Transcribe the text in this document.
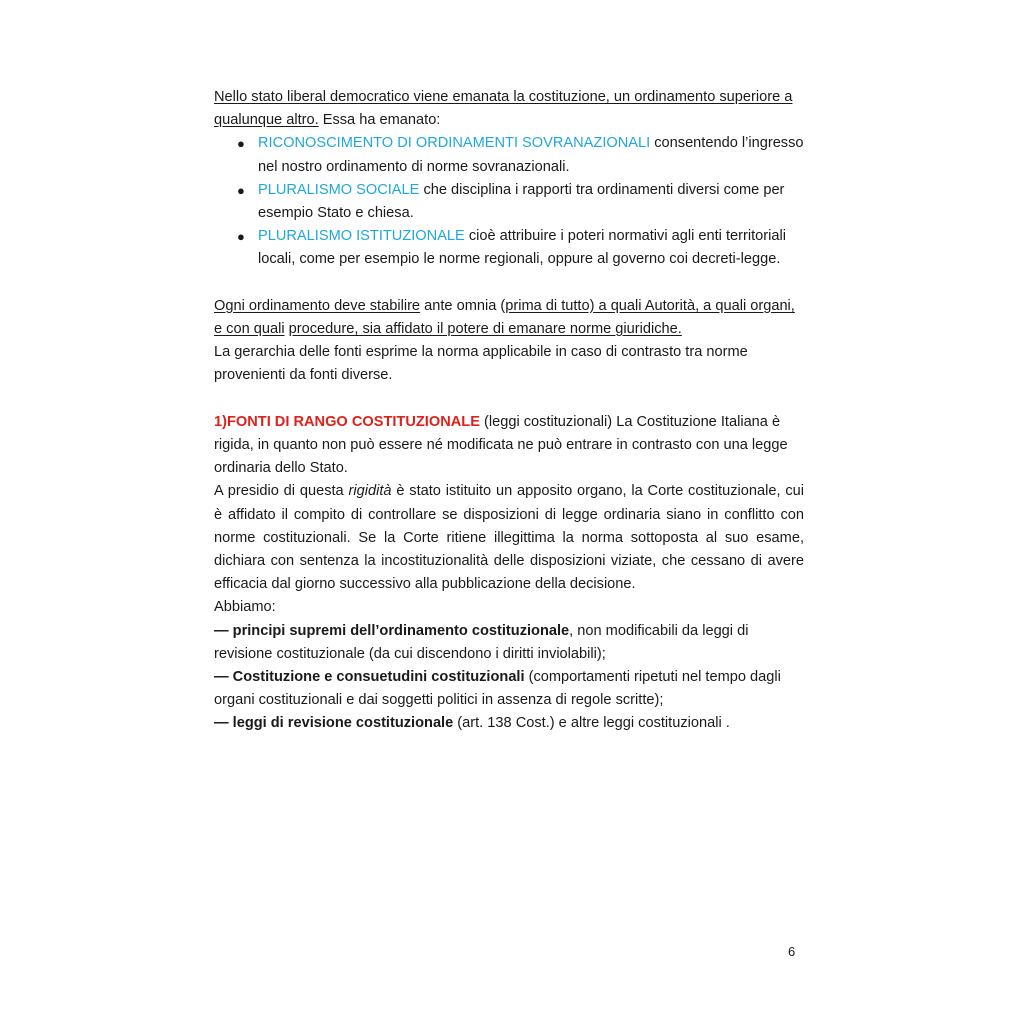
Nello stato liberal democratico viene emanata la costituzione, un ordinamento superiore a qualunque altro. Essa ha emanato:

● RICONOSCIMENTO DI ORDINAMENTI SOVRANAZIONALI consentendo l’ingresso nel nostro ordinamento di norme sovranazionali.
● PLURALISMO SOCIALE che disciplina i rapporti tra ordinamenti diversi come per esempio Stato e chiesa.
● PLURALISMO ISTITUZIONALE cioè attribuire i poteri normativi agli enti territoriali locali, come per esempio le norme regionali, oppure al governo coi decreti-legge.

Ogni ordinamento deve stabilire ante omnia (prima di tutto) a quali Autorità, a quali organi, e con quali procedure, sia affidato il potere di emanare norme giuridiche.

La gerarchia delle fonti esprime la norma applicabile in caso di contrasto tra norme provenienti da fonti diverse.

1)FONTI DI RANGO COSTITUZIONALE (leggi costituzionali) La Costituzione Italiana è rigida, in quanto non può essere né modificata ne può entrare in contrasto con una legge ordinaria dello Stato.

A presidio di questa rigidità è stato istituito un apposito organo, la Corte costituzionale, cui è affidato il compito di controllare se disposizioni di legge ordinaria siano in conflitto con norme costituzionali. Se la Corte ritiene illegittima la norma sottoposta al suo esame, dichiara con sentenza la incostituzionalità delle disposizioni viziate, che cessano di avere efficacia dal giorno successivo alla pubblicazione della decisione.

Abbiamo:

— principi supremi dell’ordinamento costituzionale, non modificabili da leggi di revisione costituzionale (da cui discendono i diritti inviolabili);

— Costituzione e consuetudini costituzionali (comportamenti ripetuti nel tempo dagli organi costituzionali e dai soggetti politici in assenza di regole scritte);

— leggi di revisione costituzionale (art. 138 Cost.) e altre leggi costituzionali .

6
